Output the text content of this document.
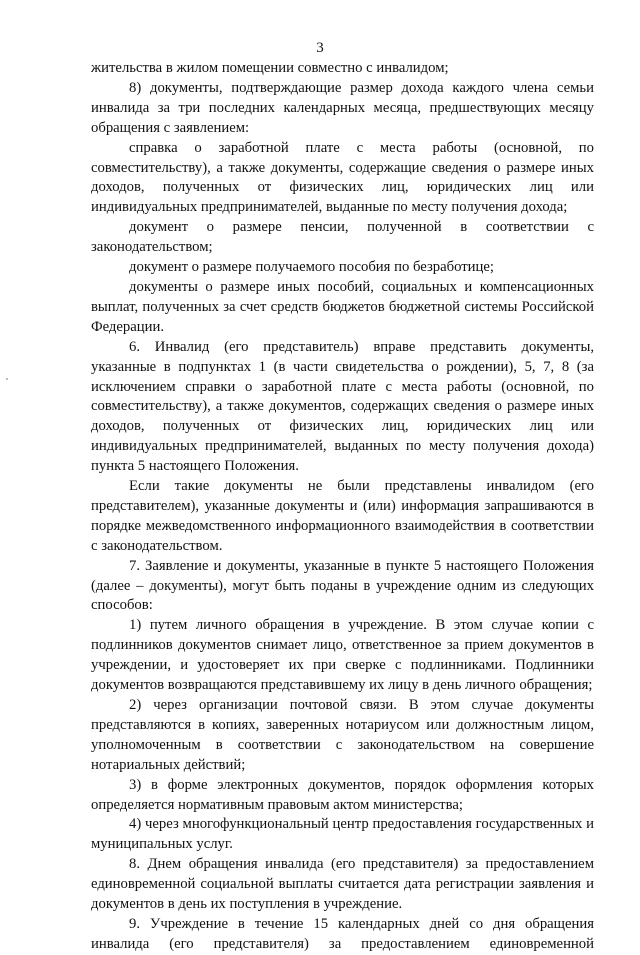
3

жительства в жилом помещении совместно с инвалидом;

8) документы, подтверждающие размер дохода каждого члена семьи инвалида за три последних календарных месяца, предшествующих месяцу обращения с заявлением:

справка о заработной плате с места работы (основной, по совместительству), а также документы, содержащие сведения о размере иных доходов, полученных от физических лиц, юридических лиц или индивидуальных предпринимателей, выданные по месту получения дохода;

документ о размере пенсии, полученной в соответствии с законодательством;

документ о размере получаемого пособия по безработице;

документы о размере иных пособий, социальных и компенсационных выплат, полученных за счет средств бюджетов бюджетной системы Российской Федерации.

6. Инвалид (его представитель) вправе представить документы, указанные в подпунктах 1 (в части свидетельства о рождении), 5, 7, 8 (за исключением справки о заработной плате с места работы (основной, по совместительству), а также документов, содержащих сведения о размере иных доходов, полученных от физических лиц, юридических лиц или индивидуальных предпринимателей, выданных по месту получения дохода) пункта 5 настоящего Положения.

Если такие документы не были представлены инвалидом (его представителем), указанные документы и (или) информация запрашиваются в порядке межведомственного информационного взаимодействия в соответствии с законодательством.

7. Заявление и документы, указанные в пункте 5 настоящего Положения (далее – документы), могут быть поданы в учреждение одним из следующих способов:

1) путем личного обращения в учреждение. В этом случае копии с подлинников документов снимает лицо, ответственное за прием документов в учреждении, и удостоверяет их при сверке с подлинниками. Подлинники документов возвращаются представившему их лицу в день личного обращения;

2) через организации почтовой связи. В этом случае документы представляются в копиях, заверенных нотариусом или должностным лицом, уполномоченным в соответствии с законодательством на совершение нотариальных действий;

3) в форме электронных документов, порядок оформления которых определяется нормативным правовым актом министерства;

4) через многофункциональный центр предоставления государственных и муниципальных услуг.

8. Днем обращения инвалида (его представителя) за предоставлением единовременной социальной выплаты считается дата регистрации заявления и документов в день их поступления в учреждение.

9. Учреждение в течение 15 календарных дней со дня обращения инвалида (его представителя) за предоставлением единовременной
